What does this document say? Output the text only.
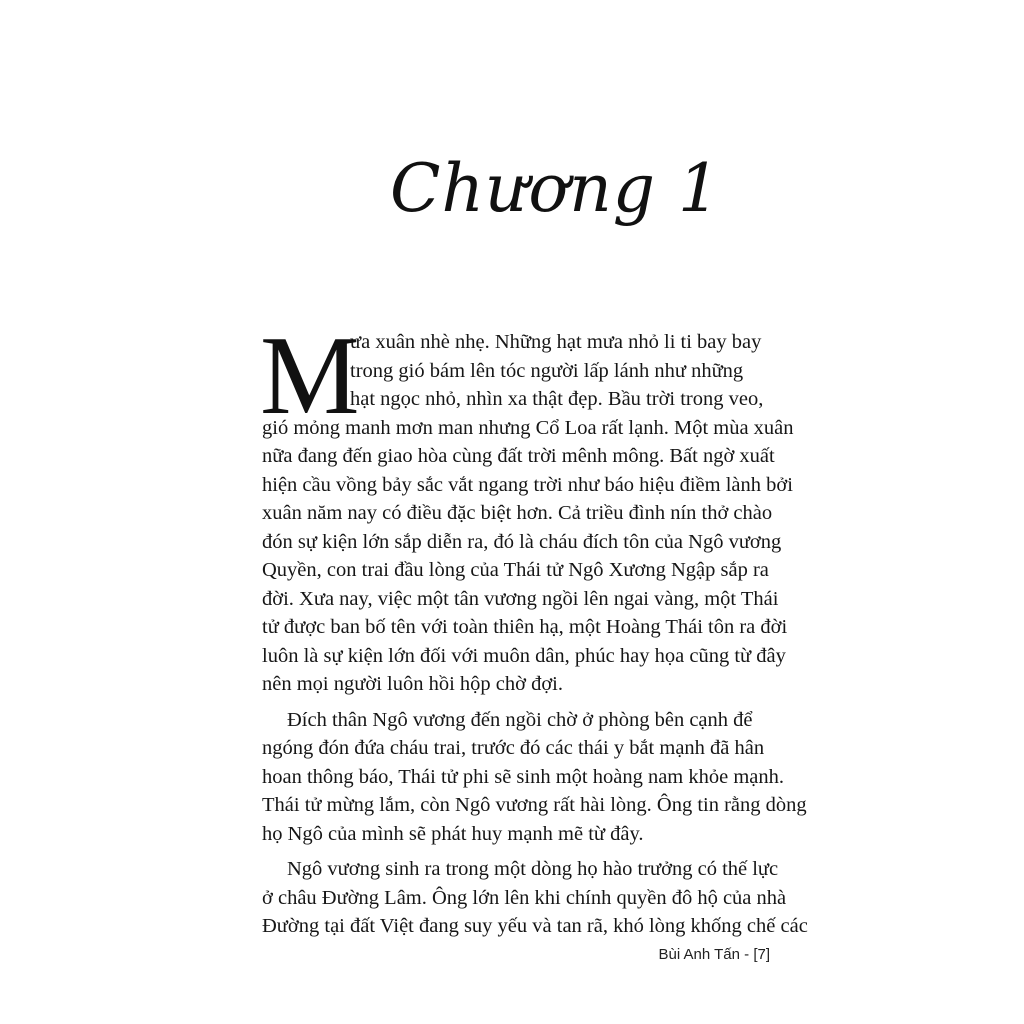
Chương 1
M
ưa xuân nhè nhẹ. Những hạt mưa nhỏ li ti bay bay
trong gió bám lên tóc người lấp lánh như những
hạt ngọc nhỏ, nhìn xa thật đẹp. Bầu trời trong veo,
gió mỏng manh mơn man nhưng Cổ Loa rất lạnh. Một mùa xuân
nữa đang đến giao hòa cùng đất trời mênh mông. Bất ngờ xuất
hiện cầu vồng bảy sắc vắt ngang trời như báo hiệu điềm lành bởi
xuân năm nay có điều đặc biệt hơn. Cả triều đình nín thở chào
đón sự kiện lớn sắp diễn ra, đó là cháu đích tôn của Ngô vương
Quyền, con trai đầu lòng của Thái tử Ngô Xương Ngập sắp ra
đời. Xưa nay, việc một tân vương ngồi lên ngai vàng, một Thái
tử được ban bố tên với toàn thiên hạ, một Hoàng Thái tôn ra đời
luôn là sự kiện lớn đối với muôn dân, phúc hay họa cũng từ đây
nên mọi người luôn hồi hộp chờ đợi.
Đích thân Ngô vương đến ngồi chờ ở phòng bên cạnh để
ngóng đón đứa cháu trai, trước đó các thái y bắt mạnh đã hân
hoan thông báo, Thái tử phi sẽ sinh một hoàng nam khỏe mạnh.
Thái tử mừng lắm, còn Ngô vương rất hài lòng. Ông tin rằng dòng
họ Ngô của mình sẽ phát huy mạnh mẽ từ đây.
Ngô vương sinh ra trong một dòng họ hào trưởng có thế lực
ở châu Đường Lâm. Ông lớn lên khi chính quyền đô hộ của nhà
Đường tại đất Việt đang suy yếu và tan rã, khó lòng khống chế các
Bùi Anh Tấn - [7]
